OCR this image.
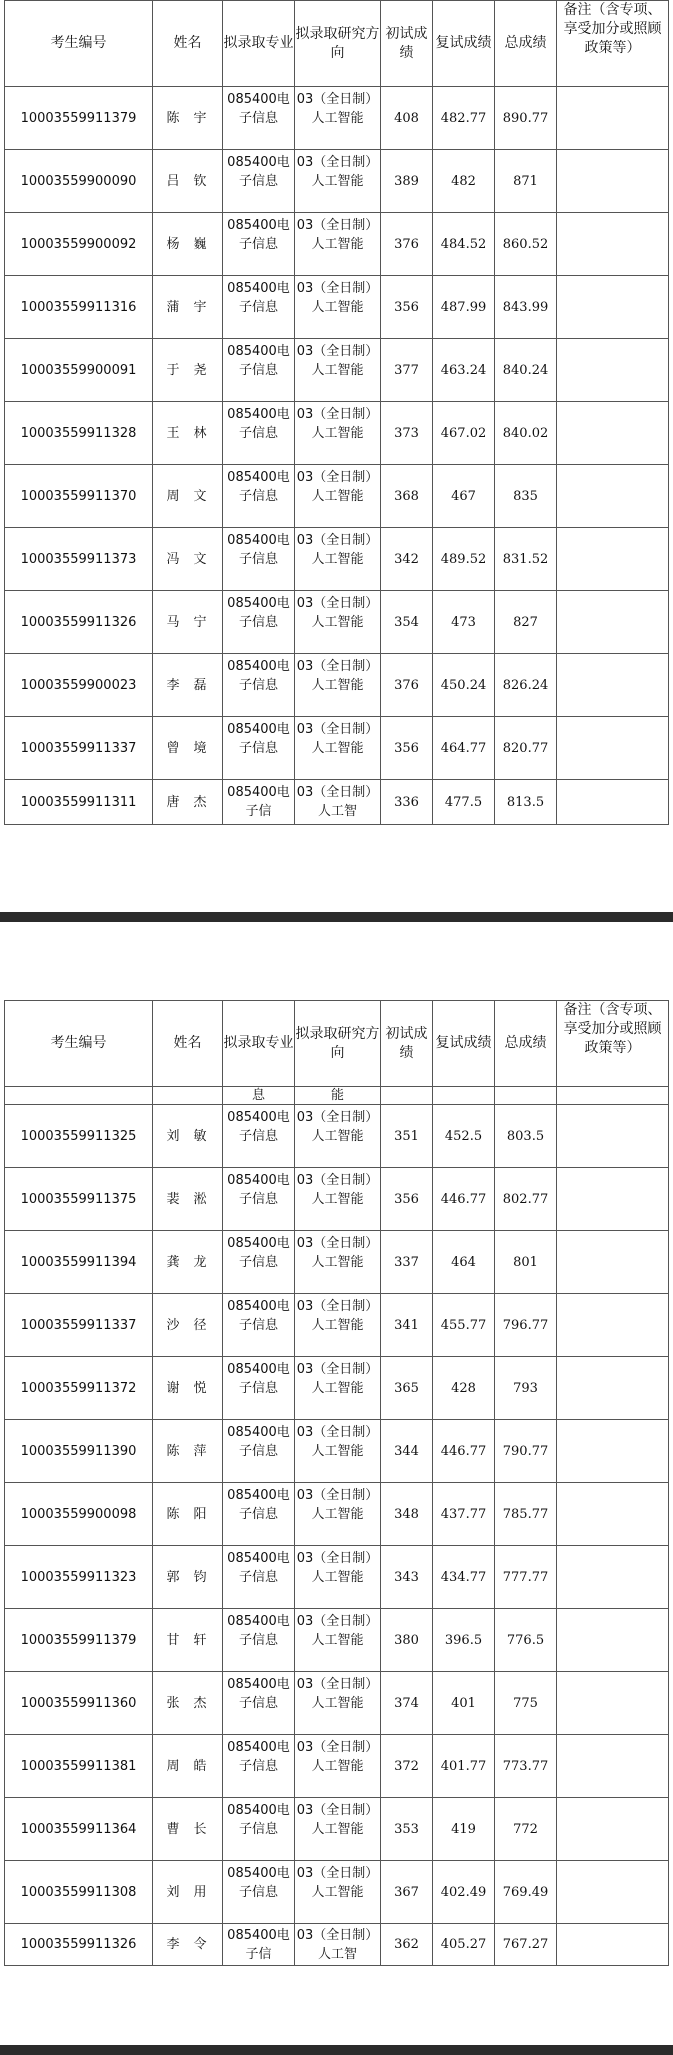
考生编号	姓名	拟录取专业	拟录取研究方向	初试成绩	复试成绩	总成绩	备注（含专项、享受加分或照顾政策等）
10003559911379	陈宇	085400电子信息	03（全日制）人工智能	408	482.77	890.77	
10003559900090	吕钦	085400电子信息	03（全日制）人工智能	389	482	871	
10003559900092	杨巍	085400电子信息	03（全日制）人工智能	376	484.52	860.52	
10003559911316	蒲宇	085400电子信息	03（全日制）人工智能	356	487.99	843.99	
10003559900091	于尧	085400电子信息	03（全日制）人工智能	377	463.24	840.24	
10003559911328	王林	085400电子信息	03（全日制）人工智能	373	467.02	840.02	
10003559911370	周文	085400电子信息	03（全日制）人工智能	368	467	835	
10003559911373	冯文	085400电子信息	03（全日制）人工智能	342	489.52	831.52	
10003559911326	马宁	085400电子信息	03（全日制）人工智能	354	473	827	
10003559900023	李磊	085400电子信息	03（全日制）人工智能	376	450.24	826.24	
10003559911337	曾境	085400电子信息	03（全日制）人工智能	356	464.77	820.77	
10003559911311	唐杰	085400电子信	03（全日制）人工智	336	477.5	813.5	
考生编号	姓名	拟录取专业	拟录取研究方向	初试成绩	复试成绩	总成绩	备注（含专项、享受加分或照顾政策等）
		息	能				
10003559911325	刘敏	085400电子信息	03（全日制）人工智能	351	452.5	803.5	
10003559911375	裴淞	085400电子信息	03（全日制）人工智能	356	446.77	802.77	
10003559911394	龚龙	085400电子信息	03（全日制）人工智能	337	464	801	
10003559911337	沙径	085400电子信息	03（全日制）人工智能	341	455.77	796.77	
10003559911372	谢悦	085400电子信息	03（全日制）人工智能	365	428	793	
10003559911390	陈萍	085400电子信息	03（全日制）人工智能	344	446.77	790.77	
10003559900098	陈阳	085400电子信息	03（全日制）人工智能	348	437.77	785.77	
10003559911323	郭钧	085400电子信息	03（全日制）人工智能	343	434.77	777.77	
10003559911379	甘轩	085400电子信息	03（全日制）人工智能	380	396.5	776.5	
10003559911360	张杰	085400电子信息	03（全日制）人工智能	374	401	775	
10003559911381	周皓	085400电子信息	03（全日制）人工智能	372	401.77	773.77	
10003559911364	曹长	085400电子信息	03（全日制）人工智能	353	419	772	
10003559911308	刘用	085400电子信息	03（全日制）人工智能	367	402.49	769.49	
10003559911326	李令	085400电子信	03（全日制）人工智	362	405.27	767.27	
